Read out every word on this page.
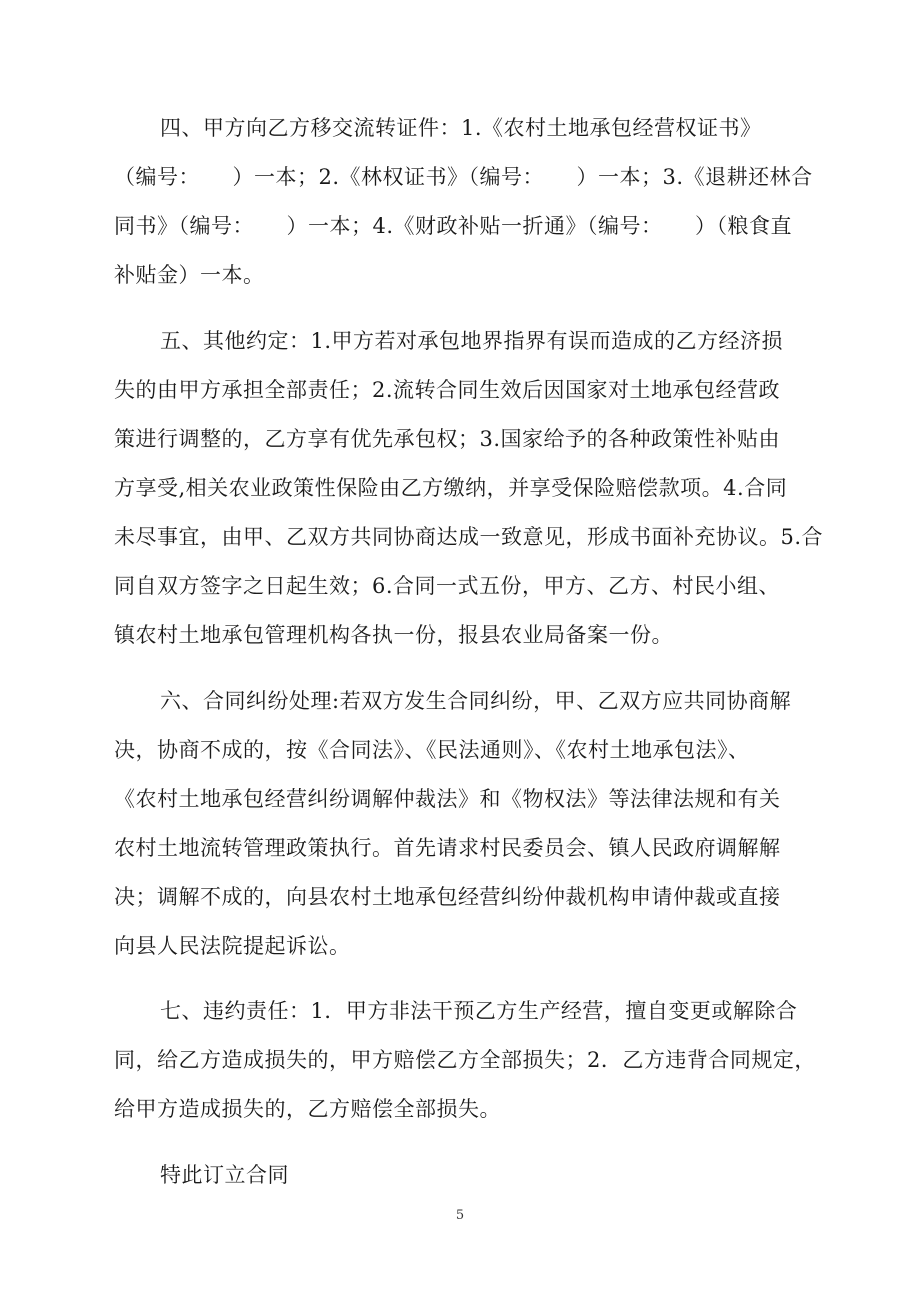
四、甲方向乙方移交流转证件：1.《农村土地承包经营权证书》
（编号：　　）一本；2.《林权证书》（编号：　　）一本；3.《退耕还林合
同书》（编号：　　）一本；4.《财政补贴一折通》（编号：　　）（粮食直
补贴金）一本。
五、其他约定：1.甲方若对承包地界指界有误而造成的乙方经济损
失的由甲方承担全部责任；2.流转合同生效后因国家对土地承包经营政
策进行调整的，乙方享有优先承包权；3.国家给予的各种政策性补贴由
方享受,相关农业政策性保险由乙方缴纳，并享受保险赔偿款项。4.合同
未尽事宜，由甲、乙双方共同协商达成一致意见，形成书面补充协议。5.合
同自双方签字之日起生效；6.合同一式五份，甲方、乙方、村民小组、
镇农村土地承包管理机构各执一份，报县农业局备案一份。
六、合同纠纷处理:若双方发生合同纠纷，甲、乙双方应共同协商解
决，协商不成的，按《合同法》、《民法通则》、《农村土地承包法》、
《农村土地承包经营纠纷调解仲裁法》和《物权法》等法律法规和有关
农村土地流转管理政策执行。首先请求村民委员会、镇人民政府调解解
决；调解不成的，向县农村土地承包经营纠纷仲裁机构申请仲裁或直接
向县人民法院提起诉讼。
七、违约责任：1．甲方非法干预乙方生产经营，擅自变更或解除合
同，给乙方造成损失的，甲方赔偿乙方全部损失；2．乙方违背合同规定，
给甲方造成损失的，乙方赔偿全部损失。
特此订立合同
5
